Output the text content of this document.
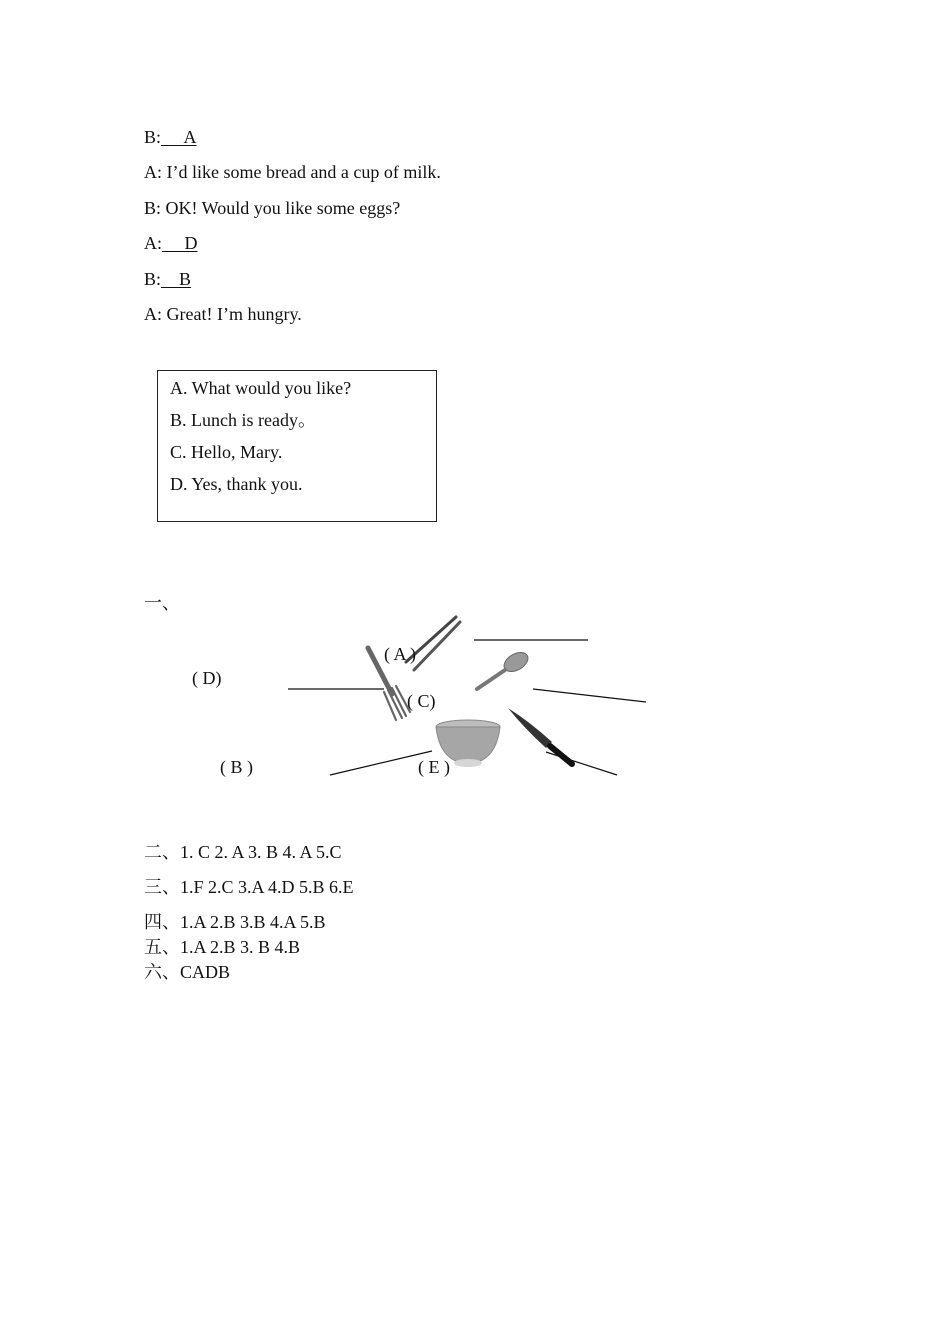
B: A
A: I’d like some bread and a cup of milk.
B: OK! Would you like some eggs?
A: D
B: B
A: Great! I’m hungry.
A. What would you like?
B. Lunch is ready。
C. Hello, Mary.
D. Yes, thank you.
一、
( A )
( D)
( C)
( B )	( E )
二、1. C 2. A 3. B 4. A 5.C
三、1.F 2.C 3.A 4.D 5.B 6.E
四、1.A 2.B 3.B 4.A 5.B
五、1.A 2.B 3. B 4.B
六、CADB
